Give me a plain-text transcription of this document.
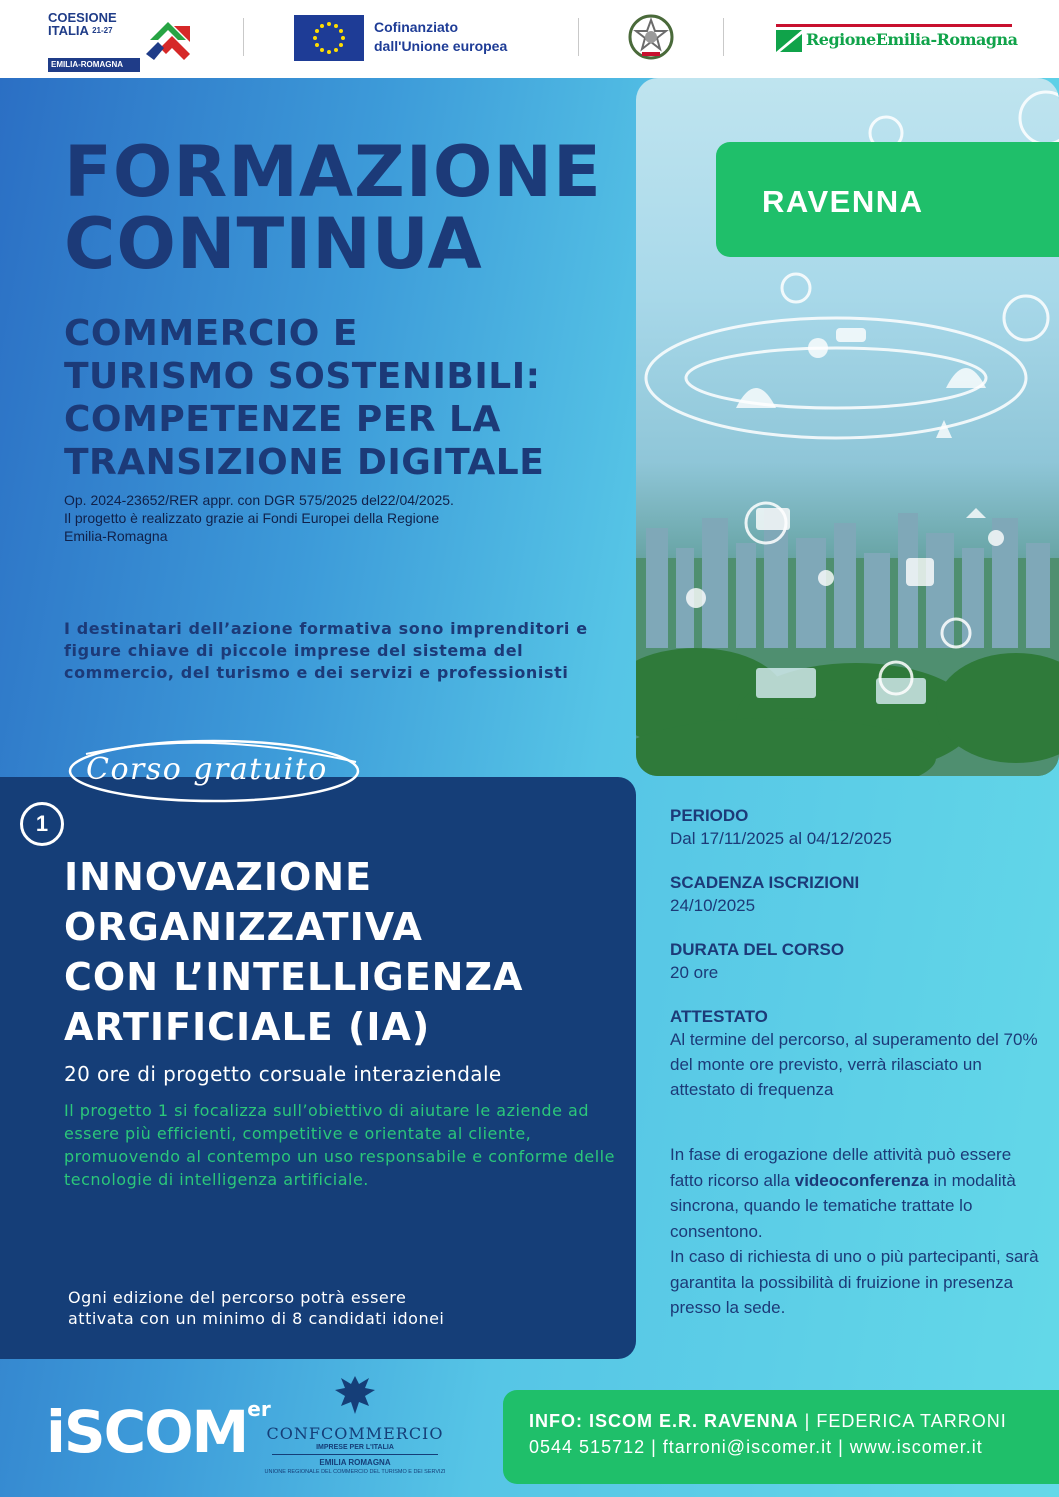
COESIONE
ITALIA $^{21-27}$
EMILIA-ROMAGNA
Cofinanziato
dall'Unione europea	RegioneEmilia-Romagna
FORMAZIONE
CONTINUA
COMMERCIO E
TURISMO SOSTENIBILI:
COMPETENZE PER LA
TRANSIZIONE DIGITALE
Op. 2024-23652/RER appr. con DGR 575/2025 del22/04/2025.
Il progetto è realizzato grazie ai Fondi Europei della Regione
Emilia-Romagna
I destinatari dell’azione formativa sono imprenditori e figure chiave di piccole imprese del sistema del commercio, del turismo e dei servizi e professionisti
RAVENNA
Corso gratuito
1
INNOVAZIONE
ORGANIZZATIVA
CON L’INTELLIGENZA
ARTIFICIALE (IA)
20 ore di progetto corsuale interaziendale
Il progetto 1 si focalizza sull’obiettivo di aiutare le aziende ad essere più efficienti, competitive e orientate al cliente, promuovendo al contempo un uso responsabile e conforme delle tecnologie di intelligenza artificiale.
Ogni edizione del percorso potrà essere
attivata con un minimo di 8 candidati idonei
PERIODO
Dal 17/11/2025 al 04/12/2025
SCADENZA ISCRIZIONI
24/10/2025
DURATA DEL CORSO
20 ore
ATTESTATO
Al termine del percorso, al superamento del 70% del monte ore previsto, verrà rilasciato un attestato di frequenza
In fase di erogazione delle attività può essere fatto ricorso alla videoconferenza in modalità sincrona, quando le tematiche trattate lo consentono.
In caso di richiesta di uno o più partecipanti, sarà garantita la possibilità di fruizione in presenza presso la sede.
iSCOM$^{er}$
CONFCOMMERCIO
IMPRESE PER L'ITALIA
EMILIA ROMAGNA
UNIONE REGIONALE DEL COMMERCIO DEL TURISMO E DEI SERVIZI
INFO: ISCOM E.R. RAVENNA | FEDERICA TARRONI
0544 515712 | ftarroni@iscomer.it | www.iscomer.it
